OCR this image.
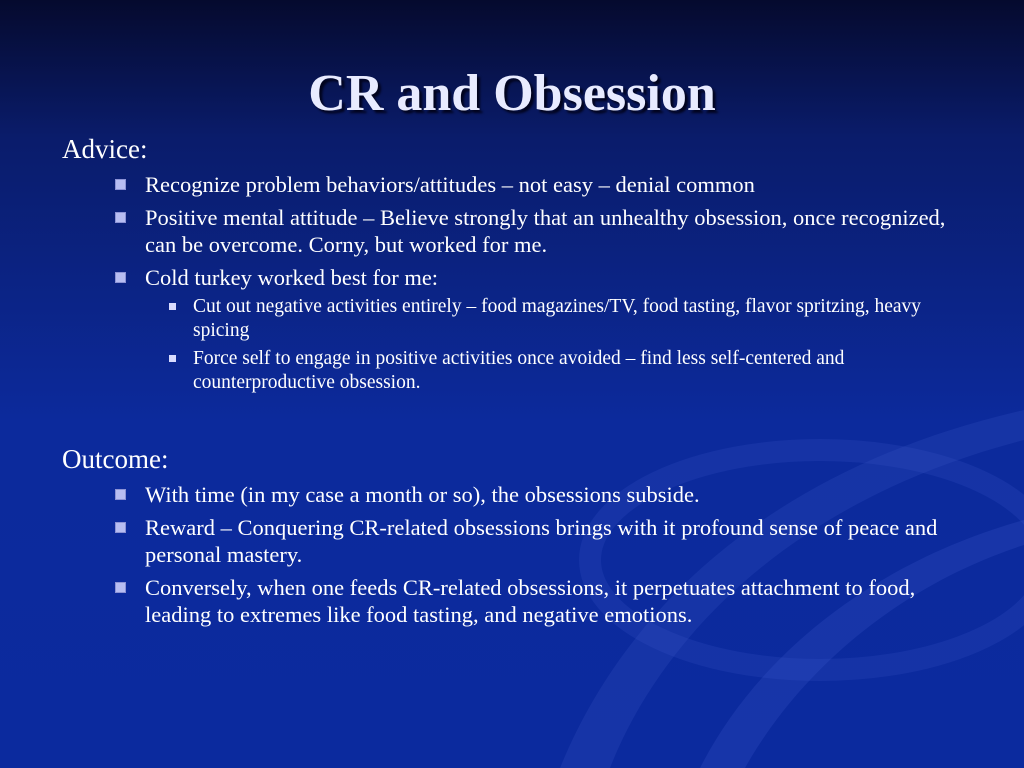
CR and Obsession

Advice:

Recognize problem behaviors/attitudes – not easy – denial common
Positive mental attitude – Believe strongly that an unhealthy obsession, once recognized, can be overcome. Corny, but worked for me.
Cold turkey worked best for me:
Cut out negative activities entirely – food magazines/TV, food tasting, flavor spritzing, heavy spicing
Force self to engage in positive activities once avoided – find less self-centered and counterproductive obsession.

Outcome:

With time (in my case a month or so), the obsessions subside.
Reward – Conquering CR-related obsessions brings with it profound sense of peace and personal mastery.
Conversely, when one feeds CR-related obsessions, it perpetuates attachment to food, leading to extremes like food tasting, and negative emotions.
